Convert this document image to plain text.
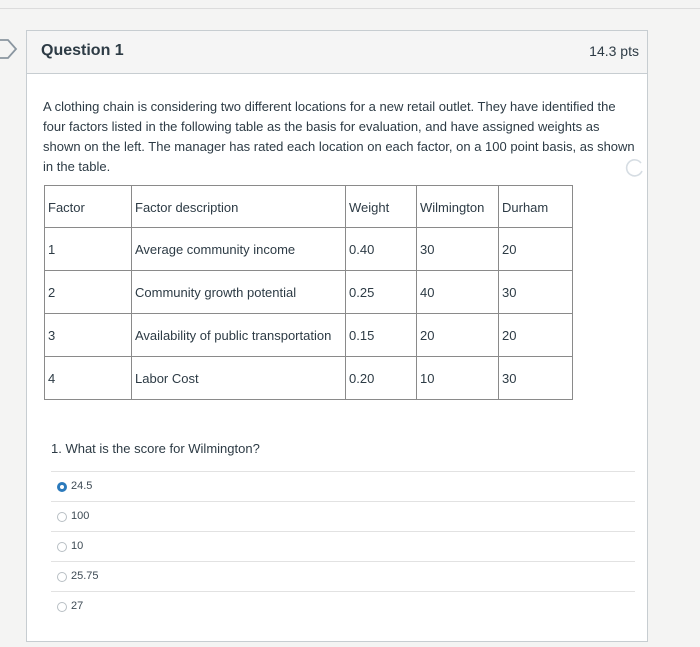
Question 1	14.3 pts
A clothing chain is considering two different locations for a new retail outlet. They have identified the four factors listed in the following table as the basis for evaluation, and have assigned weights as shown on the left. The manager has rated each location on each factor, on a 100 point basis, as shown in the table.
Factor	Factor description	Weight	Wilmington	Durham
1	Average community income	0.40	30	20
2	Community growth potential	0.25	40	30
3	Availability of public transportation	0.15	20	20
4	Labor Cost	0.20	10	30
1. What is the score for Wilmington?
24.5
100
10
25.75
27
